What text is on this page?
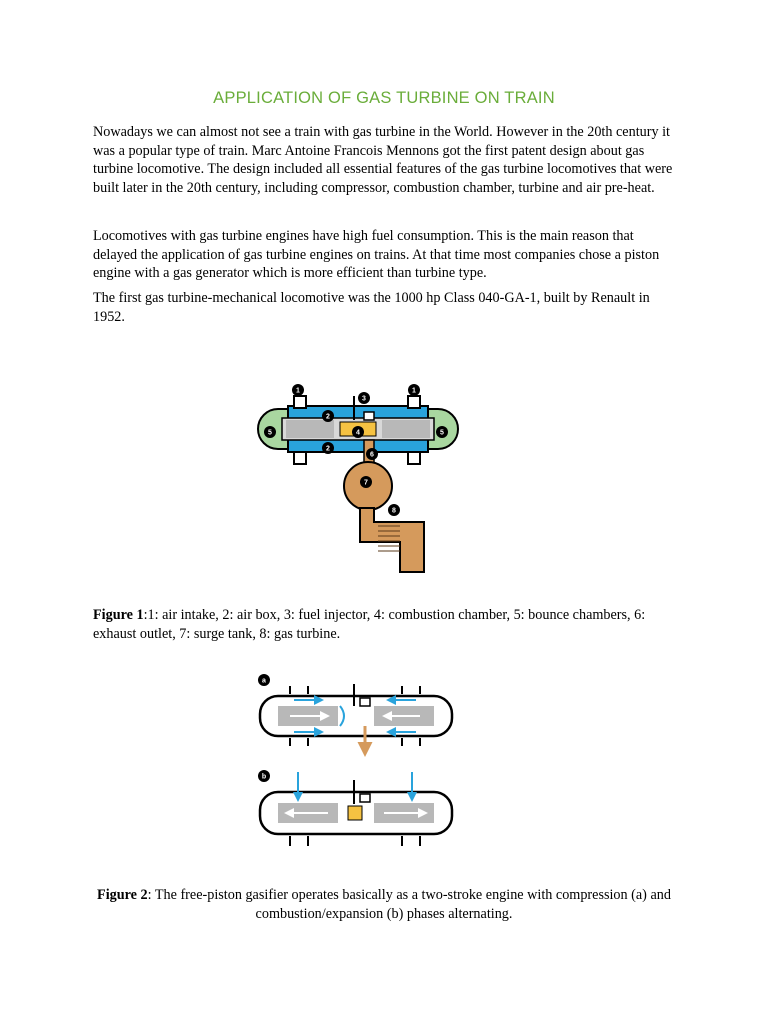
APPLICATION OF GAS TURBINE ON TRAIN

Nowadays we can almost not see a train with gas turbine in the World. However in the 20th century it was a popular type of train. Marc Antoine Francois Mennons got the first patent design about gas turbine locomotive. The design included all essential features of the gas turbine locomotives that were built later in the 20th century, including compressor, combustion chamber, turbine and air pre-heat.

Locomotives with gas turbine engines have high fuel consumption. This is the main reason that delayed the application of gas turbine engines on trains. At that time most companies chose a piston engine with a gas generator which is more efficient than turbine type.

The first gas turbine-mechanical locomotive was the 1000 hp Class 040-GA-1, built by Renault in 1952.

1	1
2
2
3
4
5	5
6
7
8
Figure 1:1: air intake, 2: air box, 3: fuel injector, 4: combustion chamber, 5: bounce chambers, 6: exhaust outlet, 7: surge tank, 8: gas turbine.
a
b
Figure 2: The free-piston gasifier operates basically as a two-stroke engine with compression (a) and combustion/expansion (b) phases alternating.
